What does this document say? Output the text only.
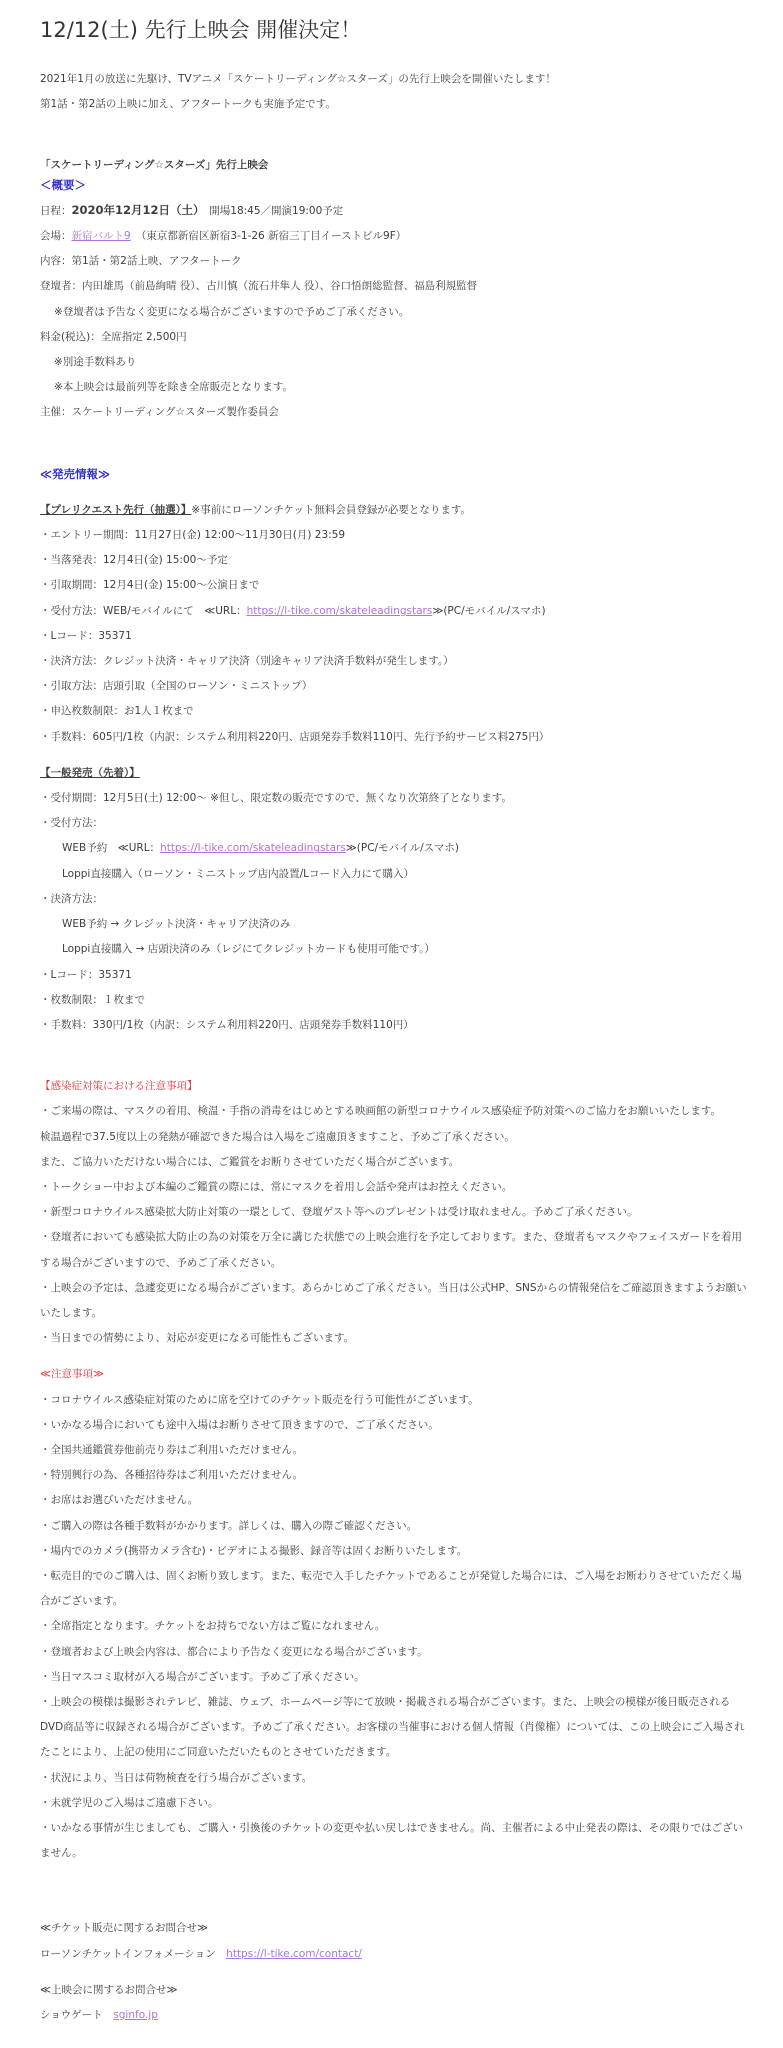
12/12(土) 先行上映会 開催決定！
2021年1月の放送に先駆け、TVアニメ「スケートリーディング☆スターズ」の先行上映会を開催いたします！
第1話・第2話の上映に加え、アフタートークも実施予定です。
「スケートリーディング☆スターズ」先行上映会
＜概要＞
日程：2020年12月12日（土）　開場18:45／開演19:00予定
会場：新宿バルト9　（東京都新宿区新宿3-1-26 新宿三丁目イーストビル9F）
内容：第1話・第2話上映、アフタートーク
登壇者：内田雄馬（前島絢晴 役）、古川慎（流石井隼人 役）、谷口悟朗総監督、福島利規監督
※登壇者は予告なく変更になる場合がございますので予めご了承ください。
料金(税込)：全席指定 2,500円
※別途手数料あり
※本上映会は最前列等を除き全席販売となります。
主催：スケートリーディング☆スターズ製作委員会
≪発売情報≫
【プレリクエスト先行（抽選）】※事前にローソンチケット無料会員登録が必要となります。
・エントリー期間：11月27日(金) 12:00～11月30日(月) 23:59
・当落発表：12月4日(金) 15:00～予定
・引取期間：12月4日(金) 15:00～公演日まで
・受付方法：WEB/モバイルにて　≪URL：https://l-tike.com/skateleadingstars≫(PC/モバイル/スマホ)
・Lコード：35371
・決済方法：クレジット決済・キャリア決済（別途キャリア決済手数料が発生します。）
・引取方法：店頭引取（全国のローソン・ミニストップ）
・申込枚数制限：お1人１枚まで
・手数料：605円/1枚（内訳：システム利用料220円、店頭発券手数料110円、先行予約サービス料275円）
【一般発売（先着）】
・受付期間：12月5日(土) 12:00～ ※但し、限定数の販売ですので、無くなり次第終了となります。
・受付方法：
WEB予約　≪URL：https://l-tike.com/skateleadingstars≫(PC/モバイル/スマホ)
Loppi直接購入（ローソン・ミニストップ店内設置/Lコード入力にて購入）
・決済方法：
WEB予約 → クレジット決済・キャリア決済のみ
Loppi直接購入 → 店頭決済のみ（レジにてクレジットカードも使用可能です。）
・Lコード：35371
・枚数制限：１枚まで
・手数料：330円/1枚（内訳：システム利用料220円、店頭発券手数料110円）
【感染症対策における注意事項】
・ご来場の際は、マスクの着用、検温・手指の消毒をはじめとする映画館の新型コロナウイルス感染症予防対策へのご協力をお願いいたします。
検温過程で37.5度以上の発熱が確認できた場合は入場をご遠慮頂きますこと、予めご了承ください。
また、ご協力いただけない場合には、ご鑑賞をお断りさせていただく場合がございます。
・トークショー中および本編のご鑑賞の際には、常にマスクを着用し会話や発声はお控えください。
・新型コロナウイルス感染拡大防止対策の一環として、登壇ゲスト等へのプレゼントは受け取れません。予めご了承ください。
・登壇者においても感染拡大防止の為の対策を万全に講じた状態での上映会進行を予定しております。また、登壇者もマスクやフェイスガードを着用する場合がございますので、予めご了承ください。
・上映会の予定は、急遽変更になる場合がございます。あらかじめご了承ください。当日は公式HP、SNSからの情報発信をご確認頂きますようお願いいたします。
・当日までの情勢により、対応が変更になる可能性もございます。
≪注意事項≫
・コロナウイルス感染症対策のために席を空けてのチケット販売を行う可能性がございます。
・いかなる場合においても途中入場はお断りさせて頂きますので、ご了承ください。
・全国共通鑑賞券他前売り券はご利用いただけません。
・特別興行の為、各種招待券はご利用いただけません。
・お席はお選びいただけません。
・ご購入の際は各種手数料がかかります。詳しくは、購入の際ご確認ください。
・場内でのカメラ(携帯カメラ含む)・ビデオによる撮影、録音等は固くお断りいたします。
・転売目的でのご購入は、固くお断り致します。また、転売で入手したチケットであることが発覚した場合には、ご入場をお断わりさせていただく場合がございます。
・全席指定となります。チケットをお持ちでない方はご覧になれません。
・登壇者および上映会内容は、都合により予告なく変更になる場合がございます。
・当日マスコミ取材が入る場合がございます。予めご了承ください。
・上映会の模様は撮影されテレビ、雑誌、ウェブ、ホームページ等にて放映・掲載される場合がございます。また、上映会の模様が後日販売されるDVD商品等に収録される場合がございます。予めご了承ください。お客様の当催事における個人情報（肖像権）については、この上映会にご入場されたことにより、上記の使用にご同意いただいたものとさせていただきます。
・状況により、当日は荷物検査を行う場合がございます。
・未就学児のご入場はご遠慮下さい。
・いかなる事情が生じましても、ご購入・引換後のチケットの変更や払い戻しはできません。尚、主催者による中止発表の際は、その限りではございません。
≪チケット販売に関するお問合せ≫
ローソンチケットインフォメーション　https://l-tike.com/contact/
≪上映会に関するお問合せ≫
ショウゲート　sginfo.jp
